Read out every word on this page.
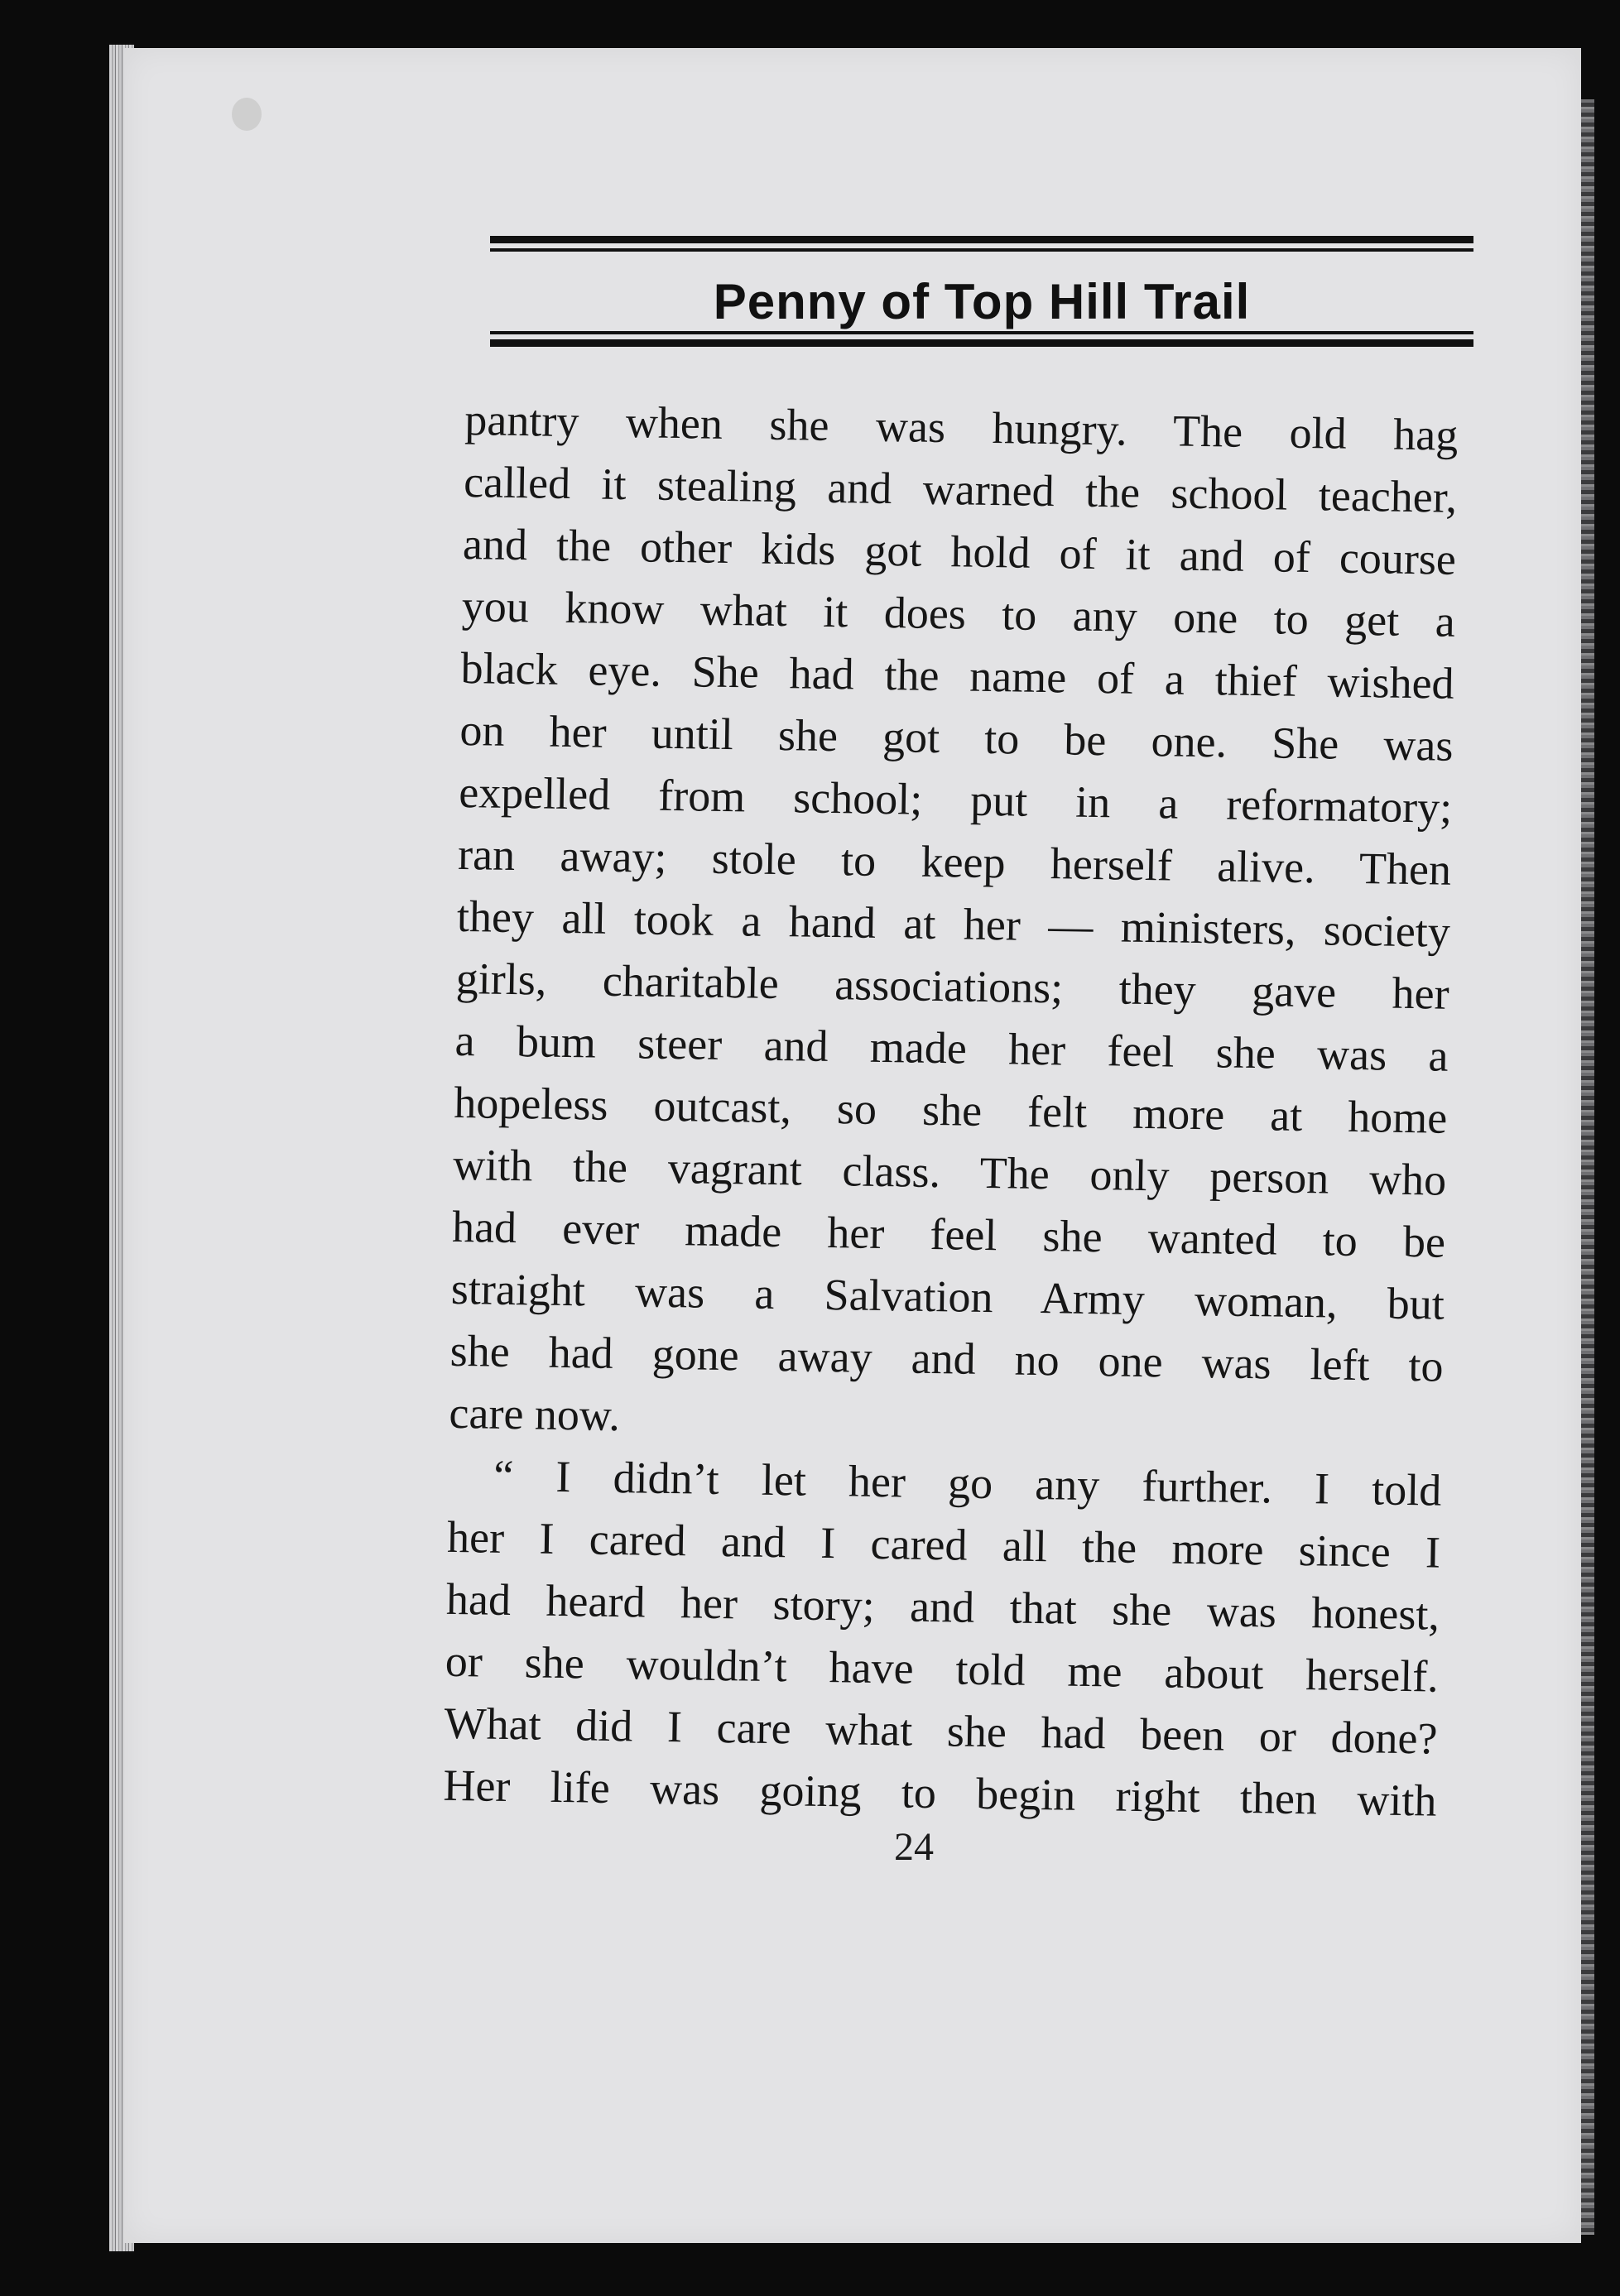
Penny of Top Hill Trail
pantry when she was hungry. The old hag
called it stealing and warned the school teacher,
and the other kids got hold of it and of course
you know what it does to any one to get a
black eye. She had the name of a thief wished
on her until she got to be one. She was
expelled from school; put in a reformatory;
ran away; stole to keep herself alive. Then
they all took a hand at her — ministers, society
girls, charitable associations; they gave her
a bum steer and made her feel she was a
hopeless outcast, so she felt more at home
with the vagrant class. The only person who
had ever made her feel she wanted to be
straight was a Salvation Army woman, but
she had gone away and no one was left to
care now.
“ I didn’t let her go any further. I told
her I cared and I cared all the more since I
had heard her story; and that she was honest,
or she wouldn’t have told me about herself.
What did I care what she had been or done?
Her life was going to begin right then with
24
